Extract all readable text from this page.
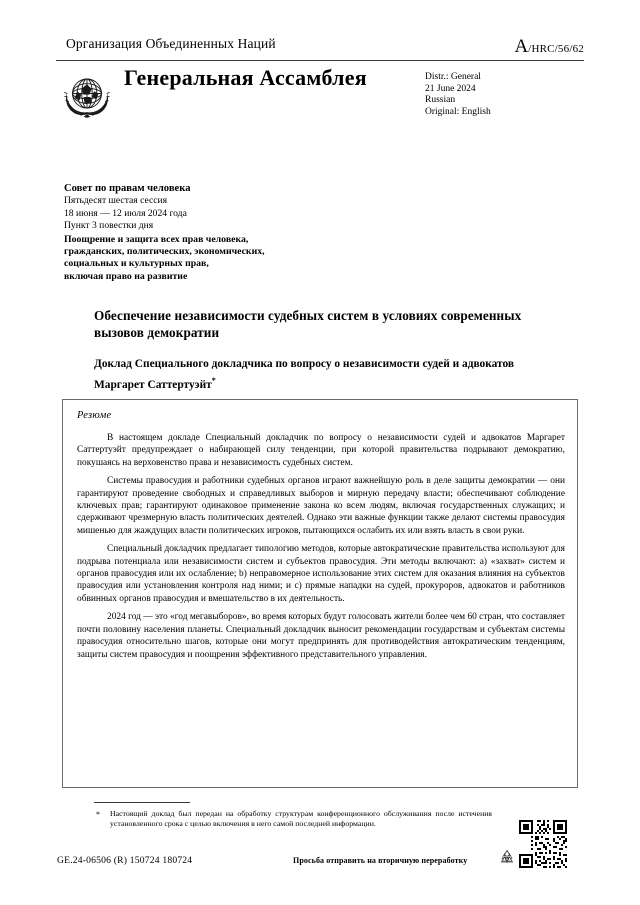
Организация Объединенных Наций	A/HRC/56/62
Генеральная Ассамблея	Distr.: General
21 June 2024
Russian
Original: English
Совет по правам человека
Пятьдесят шестая сессия
18 июня — 12 июля 2024 года
Пункт 3 повестки дня
Поощрение и защита всех прав человека,
гражданских, политических, экономических,
социальных и культурных прав,
включая право на развитие
Обеспечение независимости судебных систем в условиях современных вызовов демократии
Доклад Специального докладчика по вопросу о независимости судей и адвокатов Маргарет Саттертуэйт*
Резюме

В настоящем докладе Специальный докладчик по вопросу о независимости судей и адвокатов Маргарет Саттертуэйт предупреждает о набирающей силу тенденции, при которой правительства подрывают демократию, покушаясь на верховенство права и независимость судебных систем.

Системы правосудия и работники судебных органов играют важнейшую роль в деле защиты демократии — они гарантируют проведение свободных и справедливых выборов и мирную передачу власти; обеспечивают соблюдение ключевых прав; гарантируют одинаковое применение закона ко всем людям, включая государственных служащих; и сдерживают чрезмерную власть политических деятелей. Однако эти важные функции также делают системы правосудия мишенью для жаждущих власти политических игроков, пытающихся ослабить их или взять власть в свои руки.

Специальный докладчик предлагает типологию методов, которые автократические правительства используют для подрыва потенциала или независимости систем и субъектов правосудия. Эти методы включают: a) «захват» систем и органов правосудия или их ослабление; b) неправомерное использование этих систем для оказания влияния на субъектов правосудия или установления контроля над ними; и c) прямые нападки на судей, прокуроров, адвокатов и работников обвинных органов правосудия и вмешательство в их деятельность.

2024 год — это «год мегавыборов», во время которых будут голосовать жители более чем 60 стран, что составляет почти половину населения планеты. Специальный докладчик выносит рекомендации государствам и субъектам системы правосудия относительно шагов, которые они могут предпринять для противодействия автократическим тенденциям, защиты систем правосудия и поощрения эффективного представительного управления.

*	Настоящий доклад был передан на обработку структурам конференционного обслуживания после истечения установленного срока с целью включения в него самой последней информации.
GE.24-06506 (R) 150724 180724	Просьба отправить на вторичную переработку
